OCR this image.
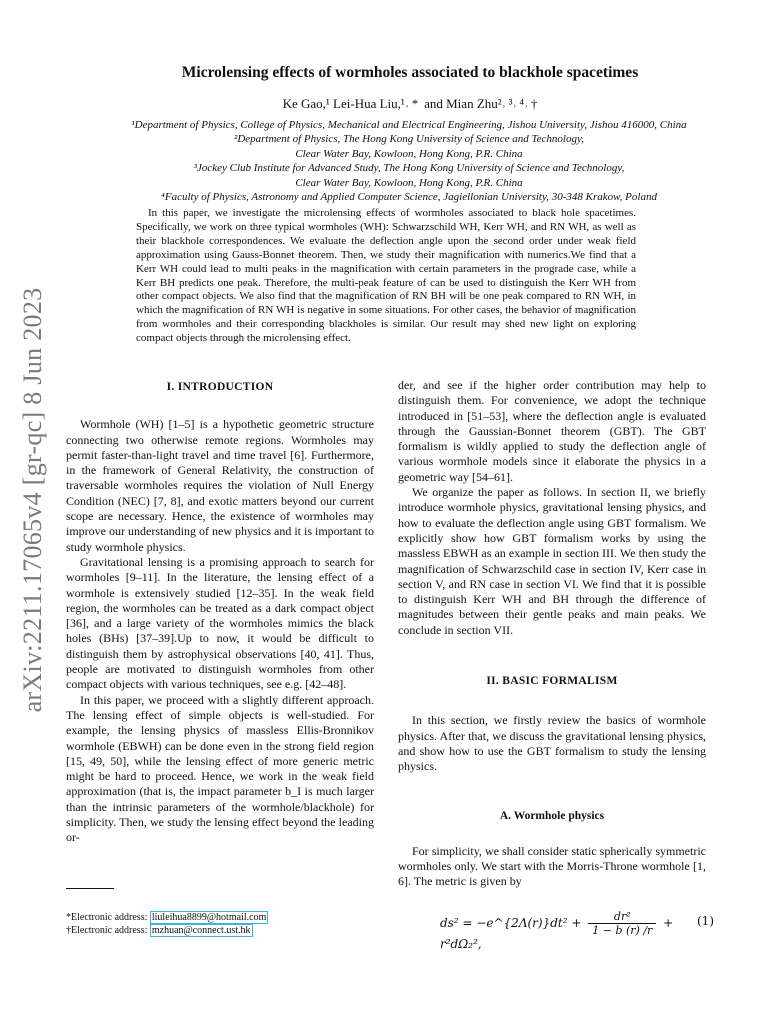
arXiv:2211.17065v4 [gr-qc] 8 Jun 2023
Microlensing effects of wormholes associated to blackhole spacetimes
Ke Gao,¹ Lei-Hua Liu,¹˒ *  and Mian Zhu²˒ ³˒ ⁴˒ †
¹Department of Physics, College of Physics, Mechanical and Electrical Engineering, Jishou University, Jishou 416000, China
²Department of Physics, The Hong Kong University of Science and Technology,
Clear Water Bay, Kowloon, Hong Kong, P.R. China
³Jockey Club Institute for Advanced Study, The Hong Kong University of Science and Technology,
Clear Water Bay, Kowloon, Hong Kong, P.R. China
⁴Faculty of Physics, Astronomy and Applied Computer Science, Jagiellonian University, 30-348 Krakow, Poland
In this paper, we investigate the microlensing effects of wormholes associated to black hole spacetimes. Specifically, we work on three typical wormholes (WH): Schwarzschild WH, Kerr WH, and RN WH, as well as their blackhole correspondences. We evaluate the deflection angle upon the second order under weak field approximation using Gauss-Bonnet theorem. Then, we study their magnification with numerics.We find that a Kerr WH could lead to multi peaks in the magnification with certain parameters in the prograde case, while a Kerr BH predicts one peak. Therefore, the multi-peak feature of can be used to distinguish the Kerr WH from other compact objects. We also find that the magnification of RN BH will be one peak compared to RN WH, in which the magnification of RN WH is negative in some situations. For other cases, the behavior of magnification from wormholes and their corresponding blackholes is similar. Our result may shed new light on exploring compact objects through the microlensing effect.
I. INTRODUCTION

Wormhole (WH) [1–5] is a hypothetic geometric structure connecting two otherwise remote regions. Wormholes may permit faster-than-light travel and time travel [6]. Furthermore, in the framework of General Relativity, the construction of traversable wormholes requires the violation of Null Energy Condition (NEC) [7, 8], and exotic matters beyond our current scope are necessary. Hence, the existence of wormholes may improve our understanding of new physics and it is important to study wormhole physics.

Gravitational lensing is a promising approach to search for wormholes [9–11]. In the literature, the lensing effect of a wormhole is extensively studied [12–35]. In the weak field region, the wormholes can be treated as a dark compact object [36], and a large variety of the wormholes mimics the black holes (BHs) [37–39].Up to now, it would be difficult to distinguish them by astrophysical observations [40, 41]. Thus, people are motivated to distinguish wormholes from other compact objects with various techniques, see e.g. [42–48].

In this paper, we proceed with a slightly different approach. The lensing effect of simple objects is well-studied. For example, the lensing physics of massless Ellis-Bronnikov wormhole (EBWH) can be done even in the strong field region [15, 49, 50], while the lensing effect of more generic metric might be hard to proceed. Hence, we work in the weak field approximation (that is, the impact parameter b_I is much larger than the intrinsic parameters of the wormhole/blackhole) for simplicity. Then, we study the lensing effect beyond the leading or-

der, and see if the higher order contribution may help to distinguish them. For convenience, we adopt the technique introduced in [51–53], where the deflection angle is evaluated through the Gaussian-Bonnet theorem (GBT). The GBT formalism is wildly applied to study the deflection angle of various wormhole models since it elaborate the physics in a geometric way [54–61].

We organize the paper as follows. In section II, we briefly introduce wormhole physics, gravitational lensing physics, and how to evaluate the deflection angle using GBT formalism. We explicitly show how GBT formalism works by using the massless EBWH as an example in section III. We then study the magnification of Schwarzschild case in section IV, Kerr case in section V, and RN case in section VI. We find that it is possible to distinguish Kerr WH and BH through the difference of magnitudes between their gentle peaks and main peaks. We conclude in section VII.

II. BASIC FORMALISM

In this section, we firstly review the basics of wormhole physics. After that, we discuss the gravitational lensing physics, and show how to use the GBT formalism to study the lensing physics.

A. Wormhole physics

For simplicity, we shall consider static spherically symmetric wormholes only. We start with the Morris-Throne wormhole [1, 6]. The metric is given by

ds² = −e^{2Λ(r)}dt² + $\frac{\text{dr²}}{1 - b (r) /r} + r^2d\Omega_2^2$,
(1)
*Electronic address: liuleihua8899@hotmail.com
†Electronic address: mzhuan@connect.ust.hk
